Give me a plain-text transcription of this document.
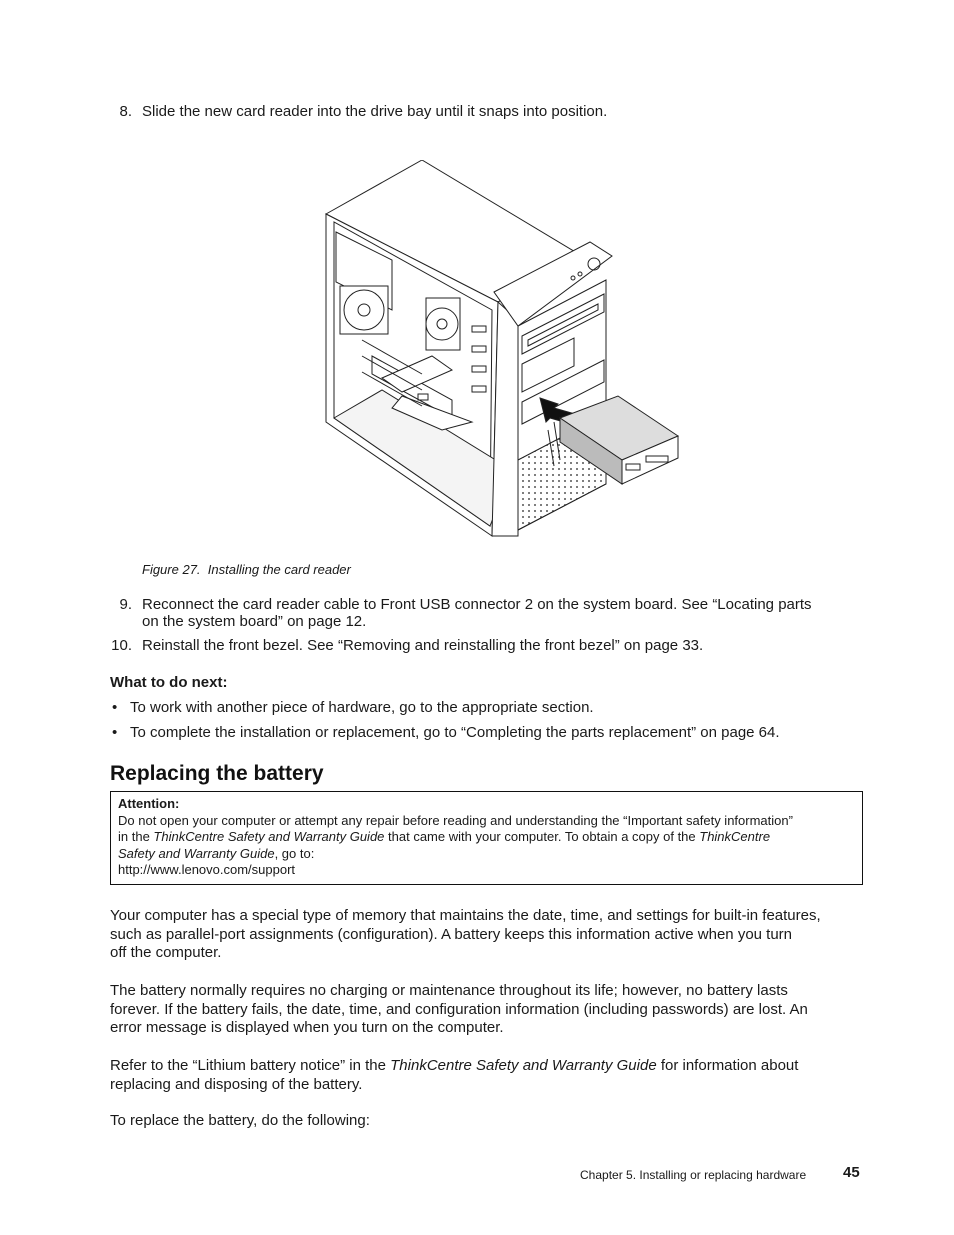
8. Slide the new card reader into the drive bay until it snaps into position.
Figure 27. Installing the card reader
9. Reconnect the card reader cable to Front USB connector 2 on the system board. See “Locating parts
on the system board” on page 12.
10. Reinstall the front bezel. See “Removing and reinstalling the front bezel” on page 33.
What to do next:
• To work with another piece of hardware, go to the appropriate section.
• To complete the installation or replacement, go to “Completing the parts replacement” on page 64.
Replacing the battery
Attention:
Do not open your computer or attempt any repair before reading and understanding the “Important safety information”
in the ThinkCentre Safety and Warranty Guide that came with your computer. To obtain a copy of the ThinkCentre
Safety and Warranty Guide, go to:
http://www.lenovo.com/support
Your computer has a special type of memory that maintains the date, time, and settings for built-in features,
such as parallel-port assignments (configuration). A battery keeps this information active when you turn
off the computer.
The battery normally requires no charging or maintenance throughout its life; however, no battery lasts
forever. If the battery fails, the date, time, and configuration information (including passwords) are lost. An
error message is displayed when you turn on the computer.
Refer to the “Lithium battery notice” in the ThinkCentre Safety and Warranty Guide for information about
replacing and disposing of the battery.
To replace the battery, do the following:
Chapter 5. Installing or replacing hardware 45
